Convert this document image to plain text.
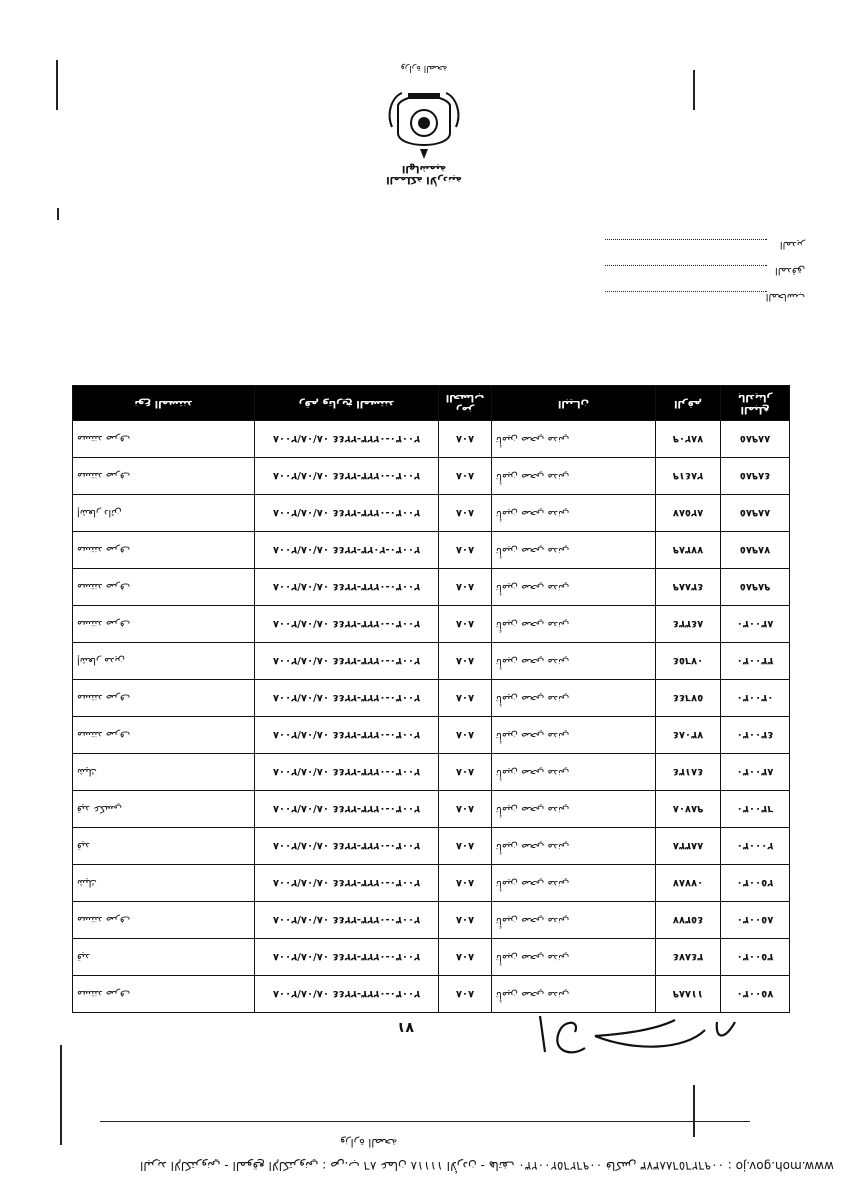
www.moh.gov.jo : البريد الإلكتروني - الموقع الإلكتروني : ص.ب ٨٦ عمان ١١١١٨ الأردن - هاتف ٠٠٩٦٢٦٥٢٠٠٢٣٠ فاكس ٠٠٩٦٢٦٥٦٨٨٣٧٣
وزارة الصحة
٧١
٧٥٠٠٣٠	١١٨٨٩	تأمين صحي مدني	٨٠٨	٠٨/٠٨/٢٠٠٨ ٢٢٤٤-٠٢٢٣-٢٠٠٣٠	مستند صرف
٣٥٠٠٣٠	٣٤٨٧٤	تأمين صحي مدني	٨٠٨	٠٨/٠٨/٢٠٠٨ ٢٢٤٤-٠٢٢٣-٢٠٠٣٠	قيد
٨٥٠٠٣٠	٤٥٣٧٧	تأمين صحي مدني	٨٠٨	٠٨/٠٨/٢٠٠٨ ٢٢٤٤-٠٢٢٣-٢٠٠٣٠	مستند صرف
٢٥٠٠٣٠	٠٧٧٨٧	تأمين صحي مدني	٨٠٨	٠٨/٠٨/٢٠٠٨ ٢٢٤٤-٠٢٢٣-٢٠٠٣٠	شيك
٢٠٠٠٣٠	٨٨٣٣٨	تأمين صحي مدني	٨٠٨	٠٨/٠٨/٢٠٠٨ ٢٢٤٤-٠٢٢٣-٢٠٠٣٠	قيد
٦٣٠٠٣٠	٩٨٧٠٨	تأمين صحي مدني	٨٠٨	٠٨/٠٨/٢٠٠٨ ٢٢٤٤-٠٢٢٣-٢٠٠٣٠	قيد عكسي
٨٣٠٠٣٠	٤٨١٣٤	تأمين صحي مدني	٨٠٨	٠٨/٠٨/٢٠٠٨ ٢٢٤٤-٠٢٢٣-٢٠٠٣٠	شيك
٤٣٠٠٣٠	٧٣٠٨٤	تأمين صحي مدني	٨٠٨	٠٨/٠٨/٢٠٠٨ ٢٢٤٤-٠٢٢٣-٢٠٠٣٠	مستند صرف
٠٣٠٠٣٠	٥٧٦٤٤	تأمين صحي مدني	٨٠٨	٠٨/٠٨/٢٠٠٨ ٢٢٤٤-٠٢٢٣-٢٠٠٣٠	مستند صرف
٣٣٠٠٣٠	٠٧٦٥٤	تأمين صحي مدني	٨٠٨	٠٨/٠٨/٢٠٠٨ ٢٢٤٤-٠٢٢٣-٢٠٠٣٠	إشعار مدين
٨٣٠٠٣٠	٨٤٣٣٤	تأمين صحي مدني	٨٠٨	٠٨/٠٨/٢٠٠٨ ٢٢٤٤-٠٢٢٣-٢٠٠٣٠	مستند صرف
٩٨٩٨٥	٤٣٨٨٩	تأمين صحي مدني	٨٠٨	٠٨/٠٨/٢٠٠٨ ٢٢٤٤-٠٢٢٣-٢٠٠٣٠	مستند صرف
٧٨٩٨٥	٧٧٣٨٩	تأمين صحي مدني	٨٠٨	٠٨/٠٨/٢٠٠٨ ٢٢٤٤-٢٠٢٣-٢٠٠٣٠	مستند صرف
٨٨٩٨٥	٨٢٥٨٧	تأمين صحي مدني	٨٠٨	٠٨/٠٨/٢٠٠٨ ٢٢٤٤-٠٢٢٣-٢٠٠٣٠	إشعار دائن
٤٨٩٨٥	٢٨٤١٩	تأمين صحي مدني	٨٠٨	٠٨/٠٨/٢٠٠٨ ٢٢٤٤-٠٢٢٣-٢٠٠٣٠	مستند صرف
٨٨٩٨٥	٧٨٢٠٩	تأمين صحي مدني	٨٠٨	٠٨/٠٨/٢٠٠٨ ٢٢٤٤-٠٢٢٣-٢٠٠٣٠	مستند صرف
المبلغ بالدينار	الرقم	البيـان	رمز الحساب	رقم وتاريخ المستند	نوع المستند
المحاسب
المدقق
المدير
المملكة الأردنية الهاشمية
وزارة الصحة
